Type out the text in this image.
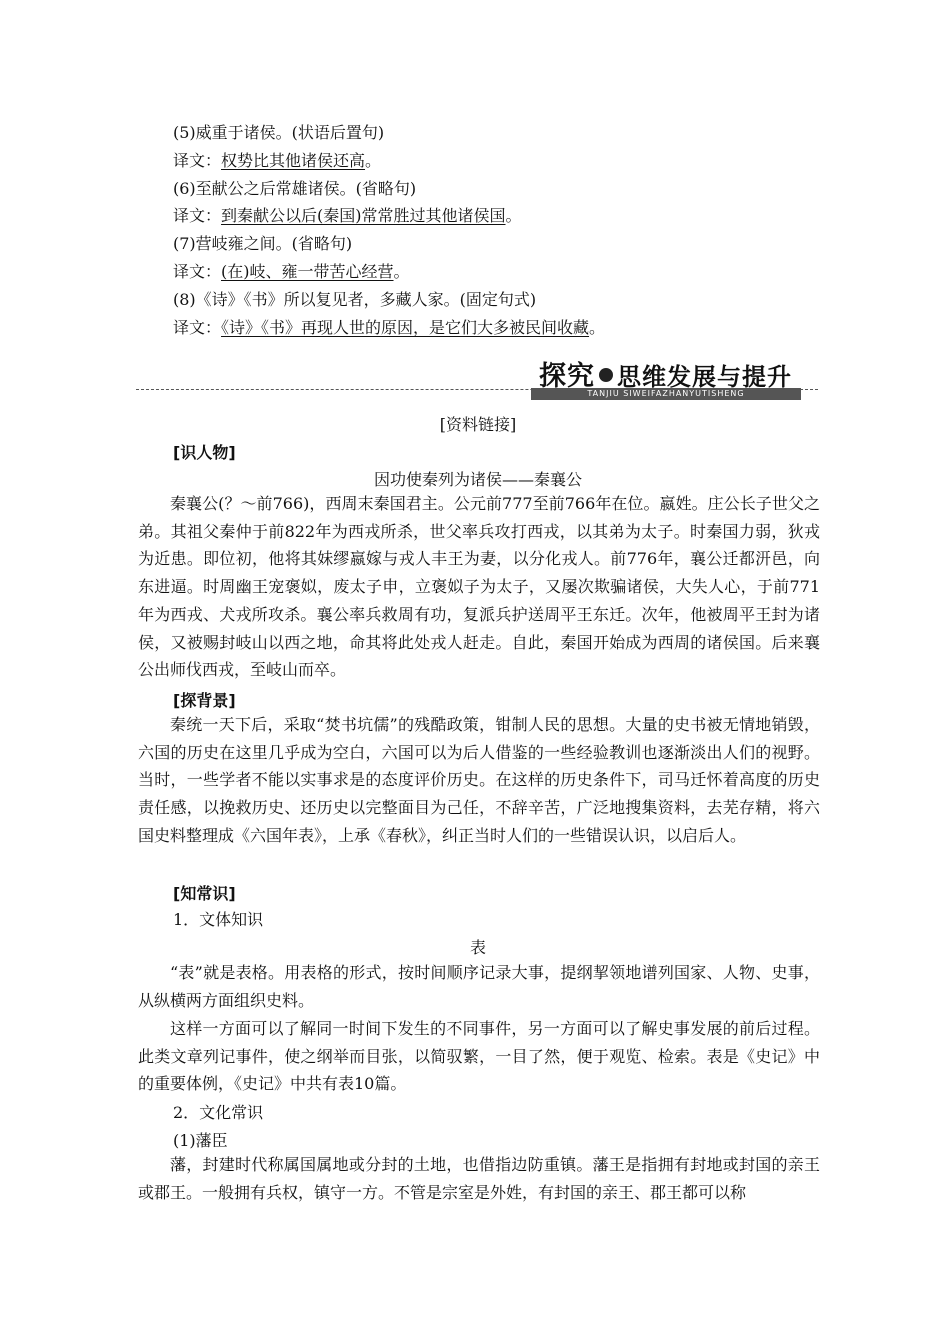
(5)威重于诸侯。(状语后置句)
译文：权势比其他诸侯还高。
(6)至献公之后常雄诸侯。(省略句)
译文：到秦献公以后(秦国)常常胜过其他诸侯国。
(7)营岐雍之间。(省略句)
译文：(在)岐、雍一带苦心经营。
(8)《诗》《书》所以复见者，多藏人家。(固定句式)
译文：《诗》《书》再现人世的原因，是它们大多被民间收藏。
TANJIU SIWEIFAZHANYUTISHENG
探究 思维发展与提升
[资料链接]
[识人物]
因功使秦列为诸侯——秦襄公
秦襄公(？～前766)，西周末秦国君主。公元前777至前766年在位。嬴姓。庄公长子世父之弟。其祖父秦仲于前822年为西戎所杀，世父率兵攻打西戎，以其弟为太子。时秦国力弱，狄戎为近患。即位初，他将其妹缪嬴嫁与戎人丰王为妻，以分化戎人。前776年，襄公迁都汧邑，向东进逼。时周幽王宠褒姒，废太子申，立褒姒子为太子，又屡次欺骗诸侯，大失人心，于前771年为西戎、犬戎所攻杀。襄公率兵救周有功，复派兵护送周平王东迁。次年，他被周平王封为诸侯，又被赐封岐山以西之地，命其将此处戎人赶走。自此，秦国开始成为西周的诸侯国。后来襄公出师伐西戎，至岐山而卒。
[探背景]
秦统一天下后，采取“焚书坑儒”的残酷政策，钳制人民的思想。大量的史书被无情地销毁，六国的历史在这里几乎成为空白，六国可以为后人借鉴的一些经验教训也逐渐淡出人们的视野。当时，一些学者不能以实事求是的态度评价历史。在这样的历史条件下，司马迁怀着高度的历史责任感，以挽救历史、还历史以完整面目为己任，不辞辛苦，广泛地搜集资料，去芜存精，将六国史料整理成《六国年表》，上承《春秋》，纠正当时人们的一些错误认识，以启后人。
[知常识]
1．文体知识
表
“表”就是表格。用表格的形式，按时间顺序记录大事，提纲挈领地谱列国家、人物、史事，从纵横两方面组织史料。
这样一方面可以了解同一时间下发生的不同事件，另一方面可以了解史事发展的前后过程。此类文章列记事件，使之纲举而目张，以简驭繁，一目了然，便于观览、检索。表是《史记》中的重要体例，《史记》中共有表10篇。
2．文化常识
(1)藩臣
藩，封建时代称属国属地或分封的土地，也借指边防重镇。藩王是指拥有封地或封国的亲王或郡王。一般拥有兵权，镇守一方。不管是宗室是外姓，有封国的亲王、郡王都可以称
